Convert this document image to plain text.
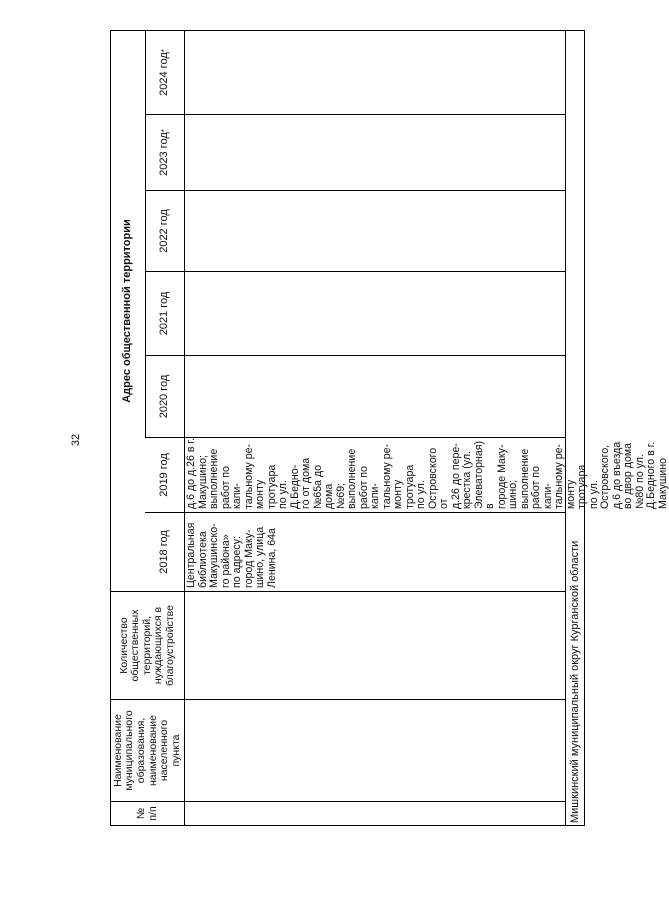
32
№
п/п
Наименование муниципального образования, наименование населенного пункта
Количество общественных территорий, нуждающихся в благоустройстве
Адрес общественной территории
2018 год
2019 год
2020 год
2021 год
2022 год
2023 год
*
2024 год
*
Центральная
библиотека
Макушинско-
го района»
по адресу:
город Маку-
шино, улица
Ленина, 64а
д.6 до д.26 в г.
Макушино;
выполнение
работ по капи-
тальному ре-
монту тротуара
по ул. Д.Бедно-
го от дома
№65а до дома
№69;
выполнение
работ по капи-
тальному ре-
монту тротуара
по ул.
Островского от
д.26 до пере-
крестка (ул.
Элеваторная) в
городе Маку-
шино;
выполнение
работ по капи-
тальному ре-
монту тротуара
по ул.
Островского,
д.6 до въезда
во двор дома
№80 по ул.
Д.Бедного в г.
Макушино
Мишкинский муниципальный округ Курганской области
